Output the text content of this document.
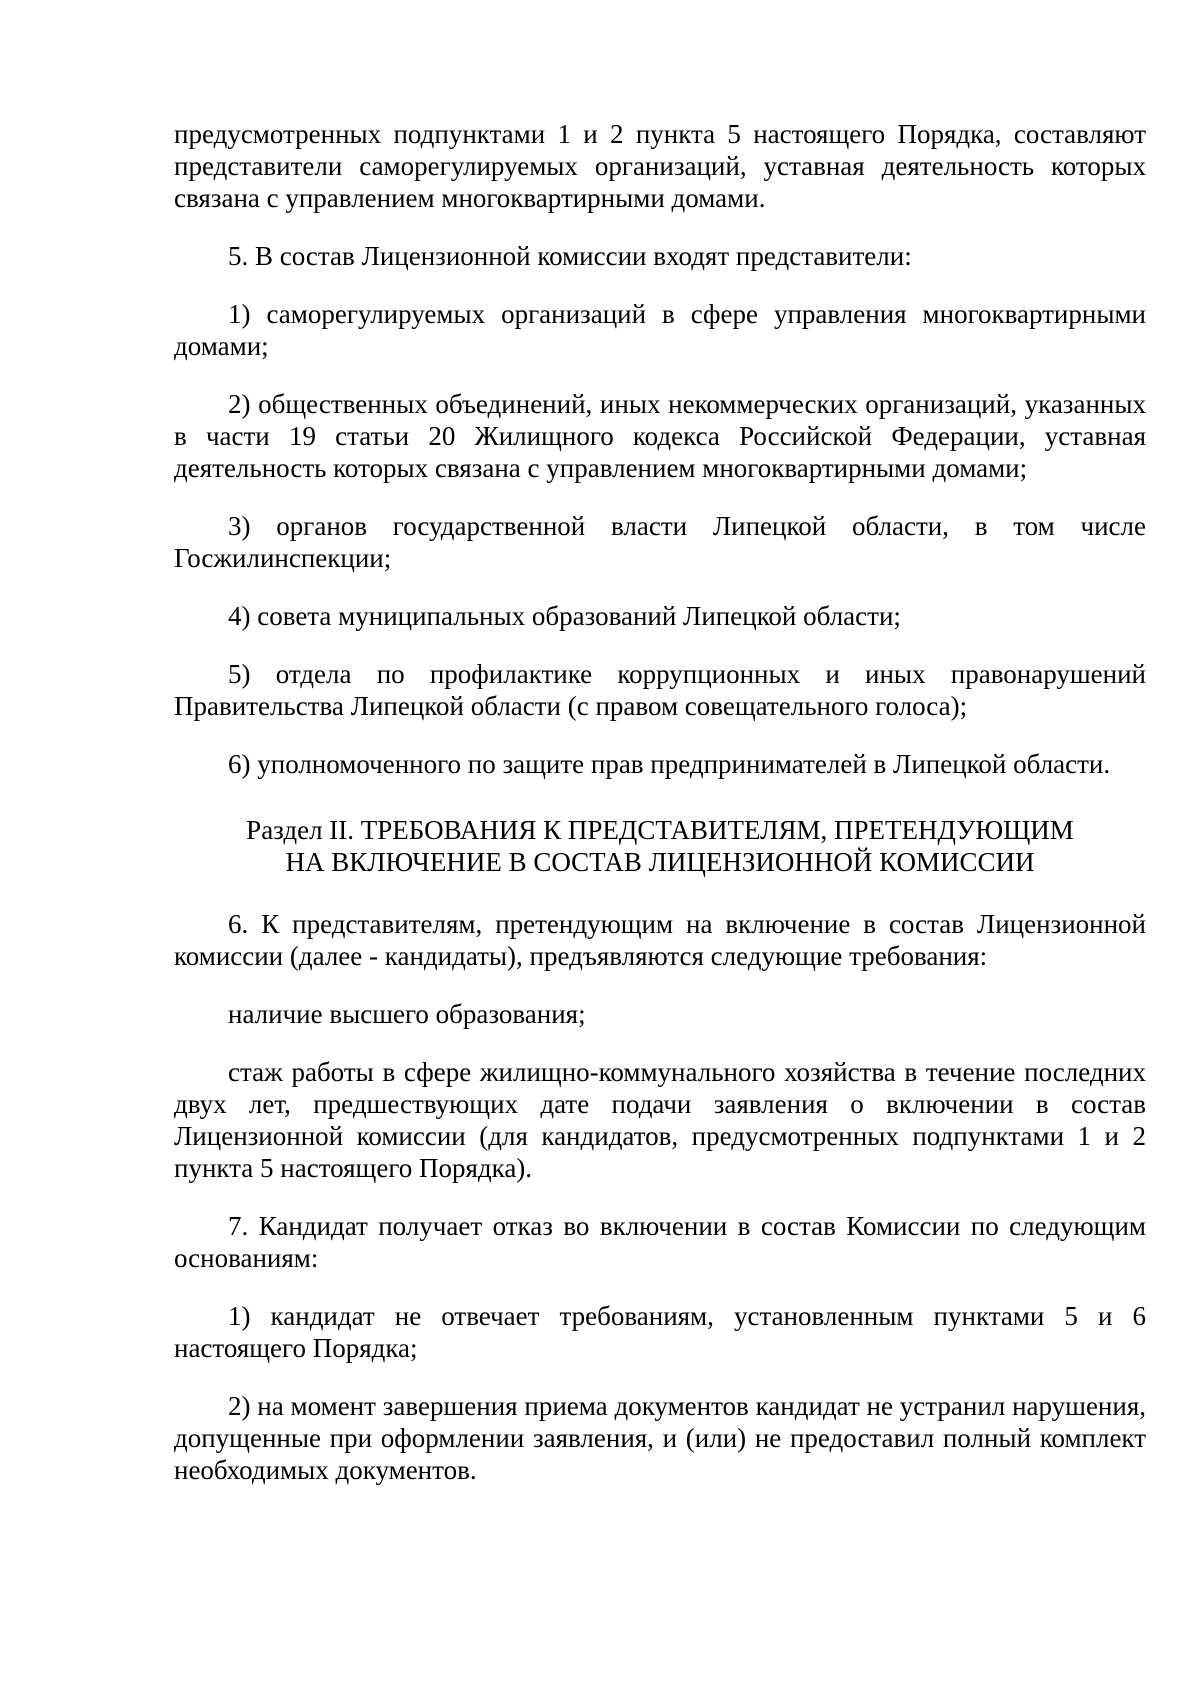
предусмотренных подпунктами 1 и 2 пункта 5 настоящего Порядка, составляют представители саморегулируемых организаций, уставная деятельность которых связана с управлением многоквартирными домами.

5. В состав Лицензионной комиссии входят представители:

1) саморегулируемых организаций в сфере управления многоквартирными домами;

2) общественных объединений, иных некоммерческих организаций, указанных в части 19 статьи 20 Жилищного кодекса Российской Федерации, уставная деятельность которых связана с управлением многоквартирными домами;

3) органов государственной власти Липецкой области, в том числе Госжилинспекции;

4) совета муниципальных образований Липецкой области;

5) отдела по профилактике коррупционных и иных правонарушений Правительства Липецкой области (с правом совещательного голоса);

6) уполномоченного по защите прав предпринимателей в Липецкой области.

Раздел II. ТРЕБОВАНИЯ К ПРЕДСТАВИТЕЛЯМ, ПРЕТЕНДУЮЩИМ
НА ВКЛЮЧЕНИЕ В СОСТАВ ЛИЦЕНЗИОННОЙ КОМИССИИ

6. К представителям, претендующим на включение в состав Лицензионной комиссии (далее - кандидаты), предъявляются следующие требования:

наличие высшего образования;

стаж работы в сфере жилищно-коммунального хозяйства в течение последних двух лет, предшествующих дате подачи заявления о включении в состав Лицензионной комиссии (для кандидатов, предусмотренных подпунктами 1 и 2 пункта 5 настоящего Порядка).

7. Кандидат получает отказ во включении в состав Комиссии по следующим основаниям:

1) кандидат не отвечает требованиям, установленным пунктами 5 и 6 настоящего Порядка;

2) на момент завершения приема документов кандидат не устранил нарушения, допущенные при оформлении заявления, и (или) не предоставил полный комплект необходимых документов.
